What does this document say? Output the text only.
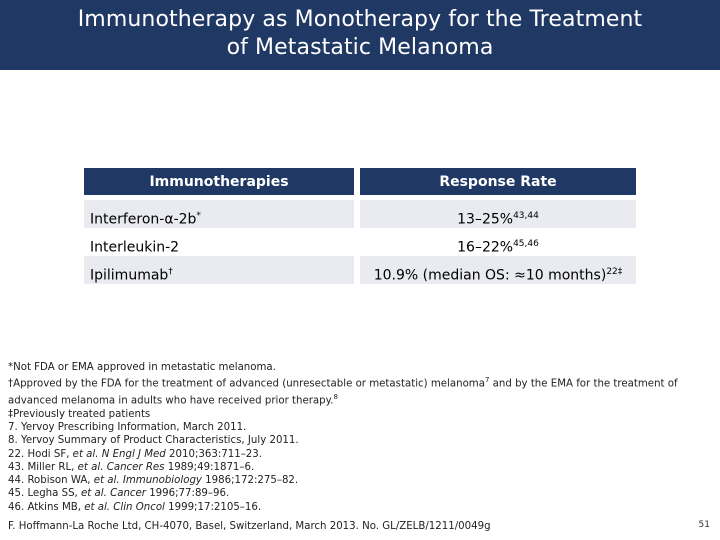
Immunotherapy as Monotherapy for the Treatment
of Metastatic Melanoma
Immunotherapies	Response Rate
Interferon-α-2b*	13–25%$^{43,44}$
Interleukin-2	16–22%$^{45,46}$
Ipilimumab†	10.9% (median OS: ≈10 months)$^{22\ddagger}$
*Not FDA or EMA approved in metastatic melanoma.
†Approved by the FDA for the treatment of advanced (unresectable or metastatic) melanoma$^7$ and by the EMA for the treatment of
advanced melanoma in adults who have received prior therapy.$^8$
‡Previously treated patients
7. Yervoy Prescribing Information, March 2011.
8. Yervoy Summary of Product Characteristics, July 2011.
22. Hodi SF, et al. N Engl J Med 2010;363:711–23.
43. Miller RL, et al. Cancer Res 1989;49:1871–6.
44. Robison WA, et al. Immunobiology 1986;172:275–82.
45. Legha SS, et al. Cancer 1996;77:89–96.
46. Atkins MB, et al. Clin Oncol 1999;17:2105–16.
F. Hoffmann-La Roche Ltd, CH-4070, Basel, Switzerland, March 2013. No. GL/ZELB/1211/0049g	51
